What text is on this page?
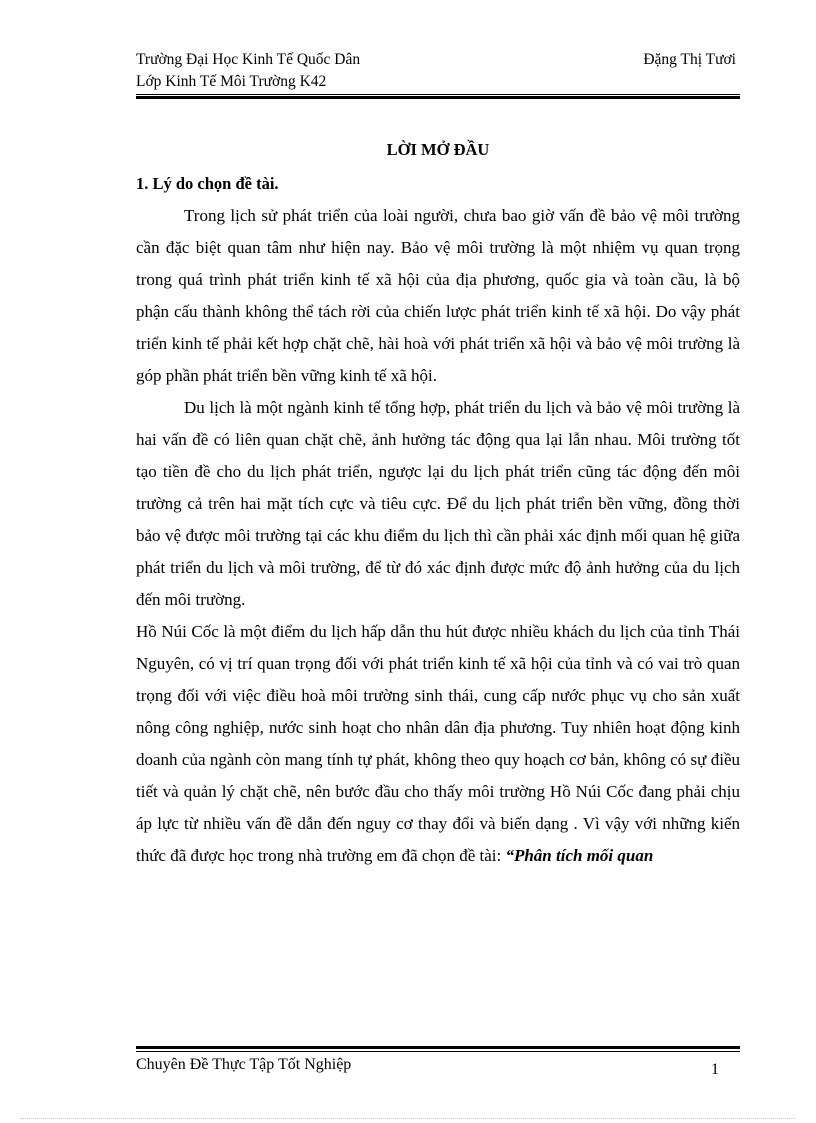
Trường Đại Học Kinh Tế Quốc Dân	Đặng Thị Tươi
Lớp Kinh Tế Môi Trường K42
LỜI MỞ ĐẦU
1. Lý do chọn đề tài.

Trong lịch sử phát triển của loài người, chưa bao giờ vấn đề bảo vệ môi trường cần đặc biệt quan tâm như hiện nay. Bảo vệ môi trường là một nhiệm vụ quan trọng trong quá trình phát triển kinh tế xã hội của địa phương, quốc gia và toàn cầu, là bộ phận cấu thành không thể tách rời của chiến lược phát triển kinh tế xã hội. Do vậy phát triển kinh tế phải kết hợp chặt chẽ, hài hoà với phát triển xã hội và bảo vệ môi trường là góp phần phát triển bền vững kinh tế xã hội.

Du lịch là một ngành kinh tế tổng hợp, phát triển du lịch và bảo vệ môi trường là hai vấn đề có liên quan chặt chẽ, ảnh hưởng tác động qua lại lẫn nhau. Môi trường tốt tạo tiền đề cho du lịch phát triển, ngược lại du lịch phát triển cũng tác động đến môi trường cả trên hai mặt tích cực và tiêu cực. Để du lịch phát triển bền vững, đồng thời bảo vệ được môi trường tại các khu điểm du lịch thì cần phải xác định mối quan hệ giữa phát triển du lịch và môi trường, để từ đó xác định được mức độ ảnh hưởng của du lịch đến môi trường.

Hồ Núi Cốc là một điểm du lịch hấp dẫn thu hút được nhiều khách du lịch của tỉnh Thái Nguyên, có vị trí quan trọng đối với phát triển kinh tế xã hội của tỉnh và có vai trò quan trọng đối với việc điều hoà môi trường sinh thái, cung cấp nước phục vụ cho sản xuất nông công nghiệp, nước sinh hoạt cho nhân dân địa phương. Tuy nhiên hoạt động kinh doanh của ngành còn mang tính tự phát, không theo quy hoạch cơ bản, không có sự điều tiết và quản lý chặt chẽ, nên bước đầu cho thấy môi trường Hồ Núi Cốc đang phải chịu áp lực từ nhiều vấn đề dẫn đến nguy cơ thay đổi và biến dạng . Vì vậy với những kiến thức đã được học trong nhà trường em đã chọn đề tài: “Phân tích mối quan

Chuyên Đề Thực Tập Tốt Nghiệp	1
